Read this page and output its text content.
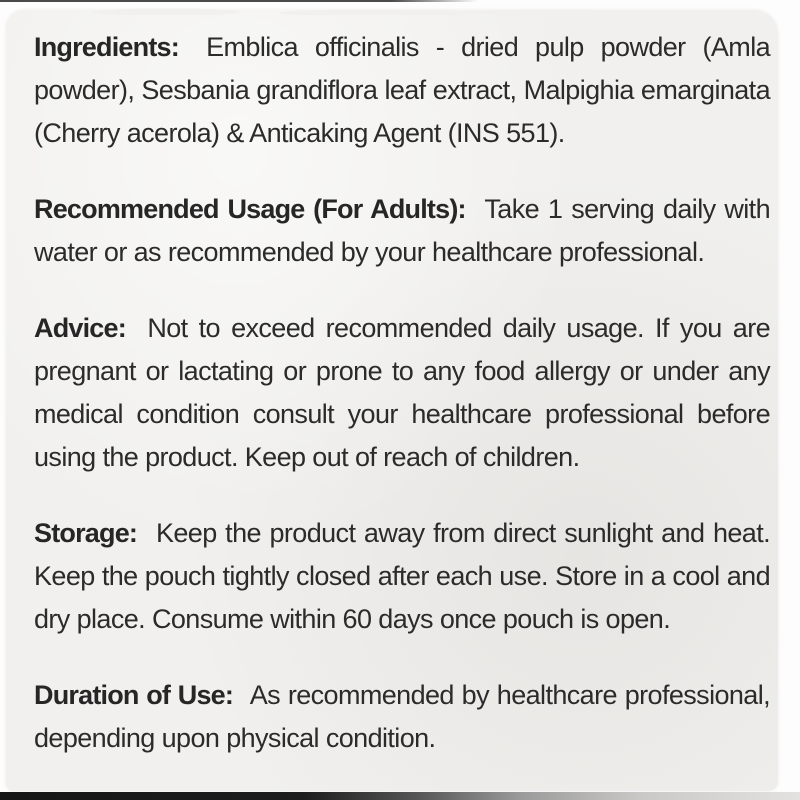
Ingredients: Emblica officinalis - dried pulp powder (Amla powder), Sesbania grandiflora leaf extract, Malpighia emarginata (Cherry acerola) & Anticaking Agent (INS 551).

Recommended Usage (For Adults): Take 1 serving daily with water or as recommended by your healthcare professional.

Advice: Not to exceed recommended daily usage. If you are pregnant or lactating or prone to any food allergy or under any medical condition consult your healthcare professional before using the product. Keep out of reach of children.

Storage: Keep the product away from direct sunlight and heat. Keep the pouch tightly closed after each use. Store in a cool and dry place. Consume within 60 days once pouch is open.

Duration of Use: As recommended by healthcare professional, depending upon physical condition.
